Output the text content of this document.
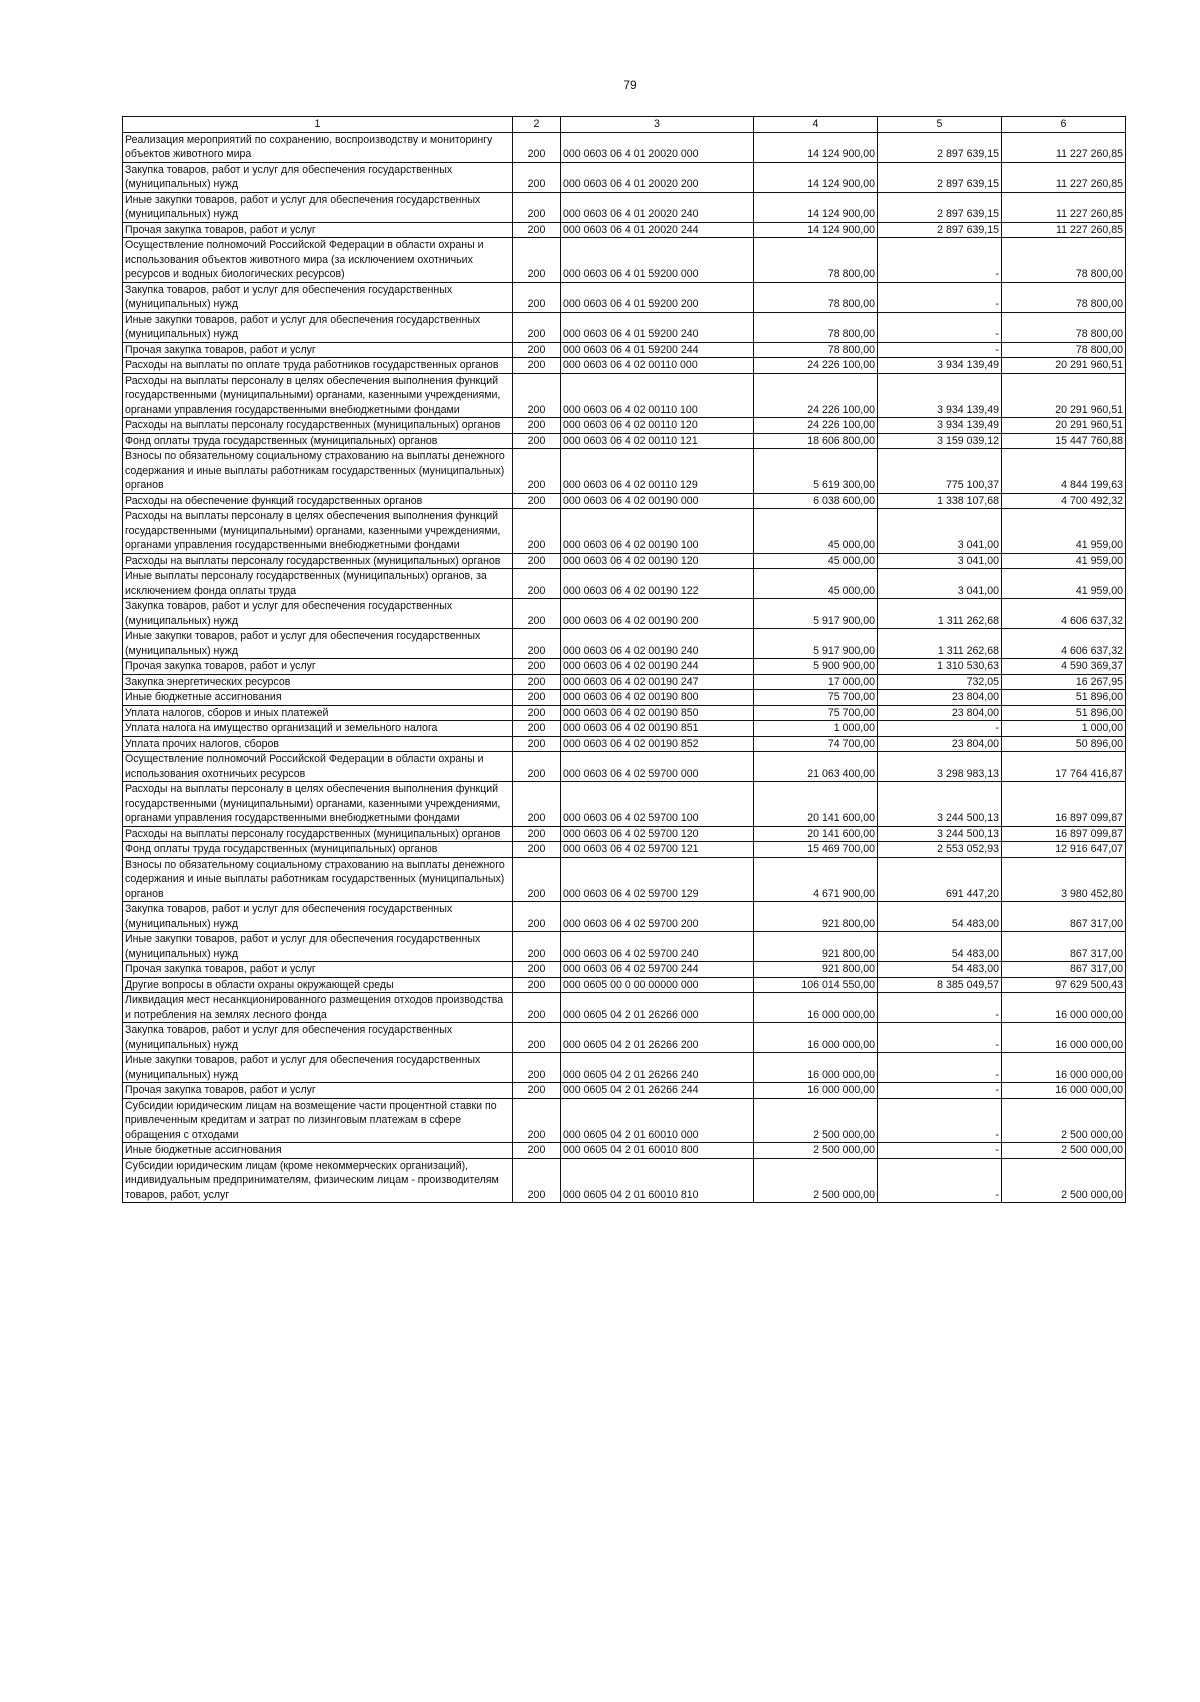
79
1	2	3	4	5	6
Реализация мероприятий по сохранению, воспроизводству и мониторингу объектов животного мира	200	000 0603 06 4 01 20020 000	14 124 900,00	2 897 639,15	11 227 260,85
Закупка товаров, работ и услуг для обеспечения государственных (муниципальных) нужд	200	000 0603 06 4 01 20020 200	14 124 900,00	2 897 639,15	11 227 260,85
Иные закупки товаров, работ и услуг для обеспечения государственных (муниципальных) нужд	200	000 0603 06 4 01 20020 240	14 124 900,00	2 897 639,15	11 227 260,85
Прочая закупка товаров, работ и услуг	200	000 0603 06 4 01 20020 244	14 124 900,00	2 897 639,15	11 227 260,85
Осуществление полномочий Российской Федерации в области охраны и использования объектов животного мира (за исключением охотничьих ресурсов и водных биологических ресурсов)	200	000 0603 06 4 01 59200 000	78 800,00	-	78 800,00
Закупка товаров, работ и услуг для обеспечения государственных (муниципальных) нужд	200	000 0603 06 4 01 59200 200	78 800,00	-	78 800,00
Иные закупки товаров, работ и услуг для обеспечения государственных (муниципальных) нужд	200	000 0603 06 4 01 59200 240	78 800,00	-	78 800,00
Прочая закупка товаров, работ и услуг	200	000 0603 06 4 01 59200 244	78 800,00	-	78 800,00
Расходы на выплаты по оплате труда работников государственных органов	200	000 0603 06 4 02 00110 000	24 226 100,00	3 934 139,49	20 291 960,51
Расходы на выплаты персоналу в целях обеспечения выполнения функций государственными (муниципальными) органами, казенными учреждениями, органами управления государственными внебюджетными фондами	200	000 0603 06 4 02 00110 100	24 226 100,00	3 934 139,49	20 291 960,51
Расходы на выплаты персоналу государственных (муниципальных) органов	200	000 0603 06 4 02 00110 120	24 226 100,00	3 934 139,49	20 291 960,51
Фонд оплаты труда государственных (муниципальных) органов	200	000 0603 06 4 02 00110 121	18 606 800,00	3 159 039,12	15 447 760,88
Взносы по обязательному социальному страхованию на выплаты денежного содержания и иные выплаты работникам государственных (муниципальных) органов	200	000 0603 06 4 02 00110 129	5 619 300,00	775 100,37	4 844 199,63
Расходы на обеспечение функций государственных органов	200	000 0603 06 4 02 00190 000	6 038 600,00	1 338 107,68	4 700 492,32
Расходы на выплаты персоналу в целях обеспечения выполнения функций государственными (муниципальными) органами, казенными учреждениями, органами управления государственными внебюджетными фондами	200	000 0603 06 4 02 00190 100	45 000,00	3 041,00	41 959,00
Расходы на выплаты персоналу государственных (муниципальных) органов	200	000 0603 06 4 02 00190 120	45 000,00	3 041,00	41 959,00
Иные выплаты персоналу государственных (муниципальных) органов, за исключением фонда оплаты труда	200	000 0603 06 4 02 00190 122	45 000,00	3 041,00	41 959,00
Закупка товаров, работ и услуг для обеспечения государственных (муниципальных) нужд	200	000 0603 06 4 02 00190 200	5 917 900,00	1 311 262,68	4 606 637,32
Иные закупки товаров, работ и услуг для обеспечения государственных (муниципальных) нужд	200	000 0603 06 4 02 00190 240	5 917 900,00	1 311 262,68	4 606 637,32
Прочая закупка товаров, работ и услуг	200	000 0603 06 4 02 00190 244	5 900 900,00	1 310 530,63	4 590 369,37
Закупка энергетических ресурсов	200	000 0603 06 4 02 00190 247	17 000,00	732,05	16 267,95
Иные бюджетные ассигнования	200	000 0603 06 4 02 00190 800	75 700,00	23 804,00	51 896,00
Уплата налогов, сборов и иных платежей	200	000 0603 06 4 02 00190 850	75 700,00	23 804,00	51 896,00
Уплата налога на имущество организаций и земельного налога	200	000 0603 06 4 02 00190 851	1 000,00	-	1 000,00
Уплата прочих налогов, сборов	200	000 0603 06 4 02 00190 852	74 700,00	23 804,00	50 896,00
Осуществление полномочий Российской Федерации в области охраны и использования охотничьих ресурсов	200	000 0603 06 4 02 59700 000	21 063 400,00	3 298 983,13	17 764 416,87
Расходы на выплаты персоналу в целях обеспечения выполнения функций государственными (муниципальными) органами, казенными учреждениями, органами управления государственными внебюджетными фондами	200	000 0603 06 4 02 59700 100	20 141 600,00	3 244 500,13	16 897 099,87
Расходы на выплаты персоналу государственных (муниципальных) органов	200	000 0603 06 4 02 59700 120	20 141 600,00	3 244 500,13	16 897 099,87
Фонд оплаты труда государственных (муниципальных) органов	200	000 0603 06 4 02 59700 121	15 469 700,00	2 553 052,93	12 916 647,07
Взносы по обязательному социальному страхованию на выплаты денежного содержания и иные выплаты работникам государственных (муниципальных) органов	200	000 0603 06 4 02 59700 129	4 671 900,00	691 447,20	3 980 452,80
Закупка товаров, работ и услуг для обеспечения государственных (муниципальных) нужд	200	000 0603 06 4 02 59700 200	921 800,00	54 483,00	867 317,00
Иные закупки товаров, работ и услуг для обеспечения государственных (муниципальных) нужд	200	000 0603 06 4 02 59700 240	921 800,00	54 483,00	867 317,00
Прочая закупка товаров, работ и услуг	200	000 0603 06 4 02 59700 244	921 800,00	54 483,00	867 317,00
Другие вопросы в области охраны окружающей среды	200	000 0605 00 0 00 00000 000	106 014 550,00	8 385 049,57	97 629 500,43
Ликвидация мест несанкционированного размещения отходов производства и потребления на землях лесного фонда	200	000 0605 04 2 01 26266 000	16 000 000,00	-	16 000 000,00
Закупка товаров, работ и услуг для обеспечения государственных (муниципальных) нужд	200	000 0605 04 2 01 26266 200	16 000 000,00	-	16 000 000,00
Иные закупки товаров, работ и услуг для обеспечения государственных (муниципальных) нужд	200	000 0605 04 2 01 26266 240	16 000 000,00	-	16 000 000,00
Прочая закупка товаров, работ и услуг	200	000 0605 04 2 01 26266 244	16 000 000,00	-	16 000 000,00
Субсидии юридическим лицам на возмещение части процентной ставки по привлеченным кредитам и затрат по лизинговым платежам в сфере обращения с отходами	200	000 0605 04 2 01 60010 000	2 500 000,00	-	2 500 000,00
Иные бюджетные ассигнования	200	000 0605 04 2 01 60010 800	2 500 000,00	-	2 500 000,00
Субсидии юридическим лицам (кроме некоммерческих организаций), индивидуальным предпринимателям, физическим лицам - производителям товаров, работ, услуг	200	000 0605 04 2 01 60010 810	2 500 000,00	-	2 500 000,00
